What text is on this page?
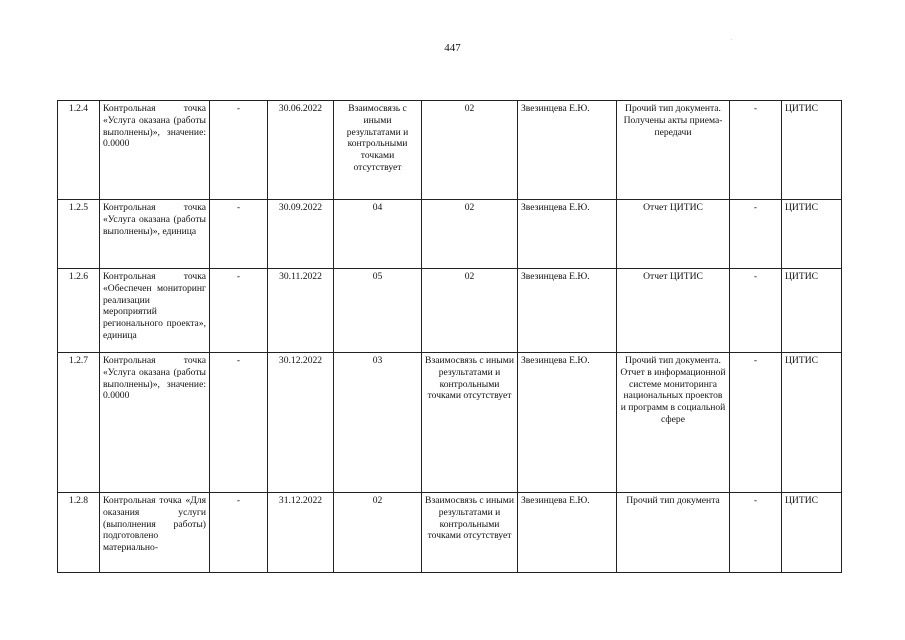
447
.
1.2.4	Контрольная точка «Услуга оказана (работы выполнены)», значение: 0.0000	-	30.06.2022	Взаимосвязь с иными результатами и контрольными точками отсутствует	02	Звезинцева Е.Ю.	Прочий тип документа. Получены акты приема-передачи	-	ЦИТИС
1.2.5	Контрольная точка «Услуга оказана (работы выполнены)», единица	-	30.09.2022	04	02	Звезинцева Е.Ю.	Отчет ЦИТИС	-	ЦИТИС
1.2.6	Контрольная точка «Обеспечен мониторинг реализации мероприятий регионального проекта», единица	-	30.11.2022	05	02	Звезинцева Е.Ю.	Отчет ЦИТИС	-	ЦИТИС
1.2.7	Контрольная точка «Услуга оказана (работы выполнены)», значение: 0.0000	-	30.12.2022	03	Взаимосвязь с иными результатами и контрольными точками отсутствует	Звезинцева Е.Ю.	Прочий тип документа. Отчет в информационной системе мониторинга национальных проектов и программ в социальной сфере	-	ЦИТИС
1.2.8	Контрольная точка «Для оказания услуги (выполнения работы) подготовлено материально-	-	31.12.2022	02	Взаимосвязь с иными результатами и контрольными точками отсутствует	Звезинцева Е.Ю.	Прочий тип документа	-	ЦИТИС
